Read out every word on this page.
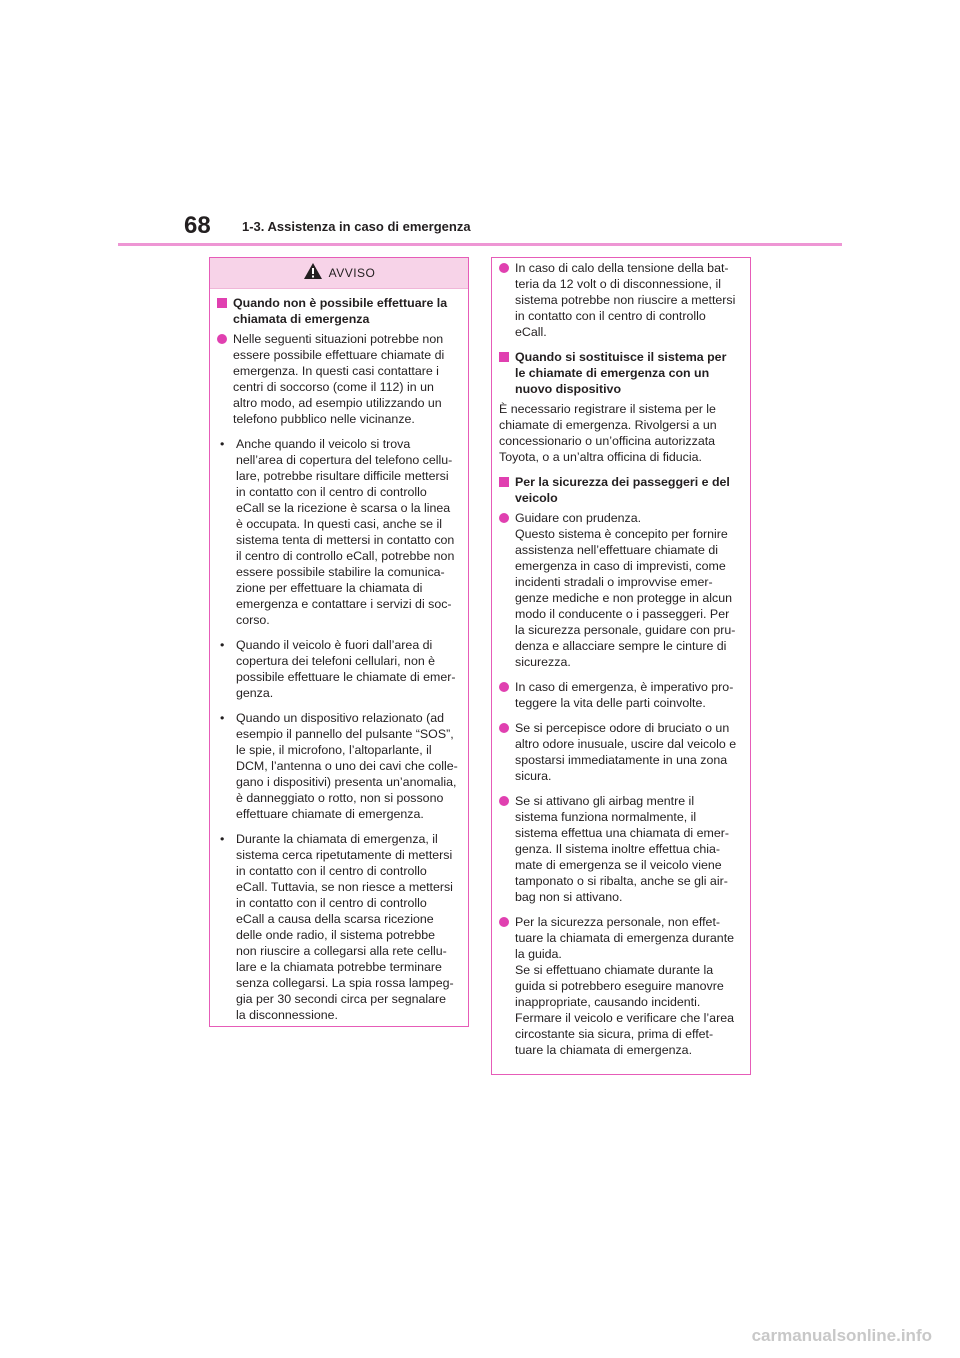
68 1-3. Assistenza in caso di emergenza
AVVISO
Quando non è possibile effettuare la
chiamata di emergenza
Nelle seguenti situazioni potrebbe non
essere possibile effettuare chiamate di
emergenza. In questi casi contattare i
centri di soccorso (come il 112) in un
altro modo, ad esempio utilizzando un
telefono pubblico nelle vicinanze.
• Anche quando il veicolo si trova
nell’area di copertura del telefono cellu-
lare, potrebbe risultare difficile mettersi
in contatto con il centro di controllo
eCall se la ricezione è scarsa o la linea
è occupata. In questi casi, anche se il
sistema tenta di mettersi in contatto con
il centro di controllo eCall, potrebbe non
essere possibile stabilire la comunica-
zione per effettuare la chiamata di
emergenza e contattare i servizi di soc-
corso.
• Quando il veicolo è fuori dall’area di
copertura dei telefoni cellulari, non è
possibile effettuare le chiamate di emer-
genza.
• Quando un dispositivo relazionato (ad
esempio il pannello del pulsante “SOS”,
le spie, il microfono, l’altoparlante, il
DCM, l’antenna o uno dei cavi che colle-
gano i dispositivi) presenta un’anomalia,
è danneggiato o rotto, non si possono
effettuare chiamate di emergenza.
• Durante la chiamata di emergenza, il
sistema cerca ripetutamente di mettersi
in contatto con il centro di controllo
eCall. Tuttavia, se non riesce a mettersi
in contatto con il centro di controllo
eCall a causa della scarsa ricezione
delle onde radio, il sistema potrebbe
non riuscire a collegarsi alla rete cellu-
lare e la chiamata potrebbe terminare
senza collegarsi. La spia rossa lampeg-
gia per 30 secondi circa per segnalare
la disconnessione.
In caso di calo della tensione della bat-
teria da 12 volt o di disconnessione, il
sistema potrebbe non riuscire a mettersi
in contatto con il centro di controllo
eCall.
Quando si sostituisce il sistema per
le chiamate di emergenza con un
nuovo dispositivo
È necessario registrare il sistema per le
chiamate di emergenza. Rivolgersi a un
concessionario o un’officina autorizzata
Toyota, o a un’altra officina di fiducia.
Per la sicurezza dei passeggeri e del
veicolo
Guidare con prudenza.
Questo sistema è concepito per fornire
assistenza nell’effettuare chiamate di
emergenza in caso di imprevisti, come
incidenti stradali o improvvise emer-
genze mediche e non protegge in alcun
modo il conducente o i passeggeri. Per
la sicurezza personale, guidare con pru-
denza e allacciare sempre le cinture di
sicurezza.
In caso di emergenza, è imperativo pro-
teggere la vita delle parti coinvolte.
Se si percepisce odore di bruciato o un
altro odore inusuale, uscire dal veicolo e
spostarsi immediatamente in una zona
sicura.
Se si attivano gli airbag mentre il
sistema funziona normalmente, il
sistema effettua una chiamata di emer-
genza. Il sistema inoltre effettua chia-
mate di emergenza se il veicolo viene
tamponato o si ribalta, anche se gli air-
bag non si attivano.
Per la sicurezza personale, non effet-
tuare la chiamata di emergenza durante
la guida.
Se si effettuano chiamate durante la
guida si potrebbero eseguire manovre
inappropriate, causando incidenti.
Fermare il veicolo e verificare che l’area
circostante sia sicura, prima di effet-
tuare la chiamata di emergenza.
carmanualsonline.info
